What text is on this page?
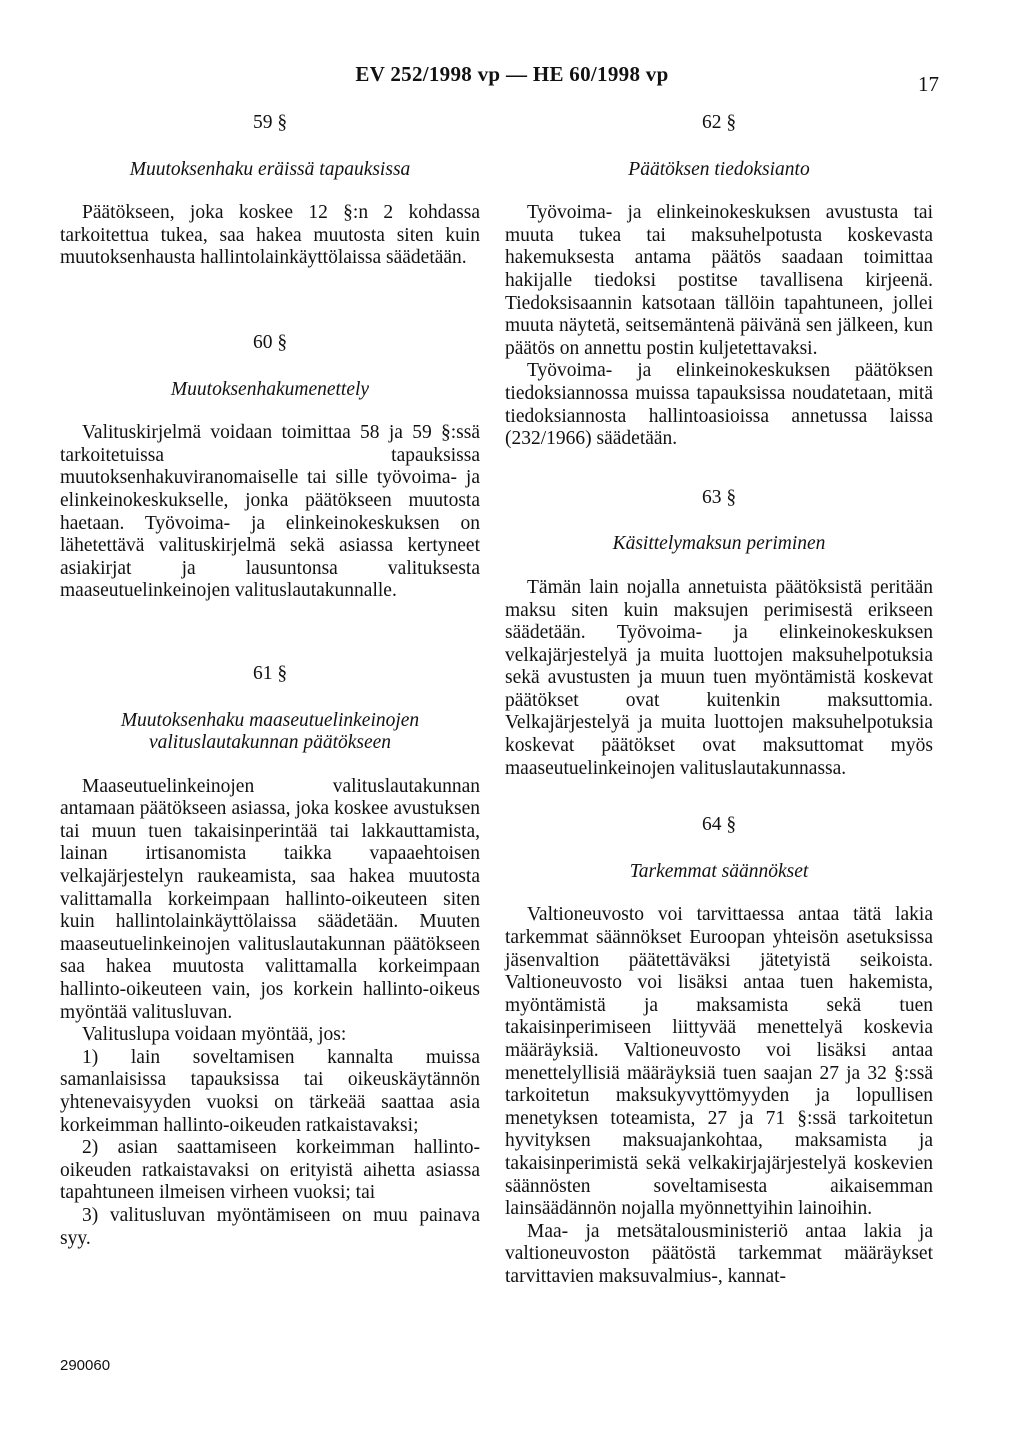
EV 252/1998 vp — HE 60/1998 vp	17

59 §

Muutoksenhaku eräissä tapauksissa

Päätökseen, joka koskee 12 §:n 2 kohdassa tarkoitettua tukea, saa hakea muutosta siten kuin muutoksenhausta hallintolainkäyttölaissa säädetään.

60 §

Muutoksenhakumenettely

Valituskirjelmä voidaan toimittaa 58 ja 59 §:ssä tarkoitetuissa tapauksissa muutoksenhakuviranomaiselle tai sille työvoima- ja elinkeinokeskukselle, jonka päätökseen muutosta haetaan. Työvoima- ja elinkeinokeskuksen on lähetettävä valituskirjelmä sekä asiassa kertyneet asiakirjat ja lausuntonsa valituksesta maaseutuelinkeinojen valituslautakunnalle.

61 §

Muutoksenhaku maaseutuelinkeinojen valituslautakunnan päätökseen

Maaseutuelinkeinojen valituslautakunnan antamaan päätökseen asiassa, joka koskee avustuksen tai muun tuen takaisinperintää tai lakkauttamista, lainan irtisanomista taikka vapaaehtoisen velkajärjestelyn raukeamista, saa hakea muutosta valittamalla korkeimpaan hallinto-oikeuteen siten kuin hallintolainkäyttölaissa säädetään. Muuten maaseutuelinkeinojen valituslautakunnan päätökseen saa hakea muutosta valittamalla korkeimpaan hallinto-oikeuteen vain, jos korkein hallinto-oikeus myöntää valitusluvan.

Valituslupa voidaan myöntää, jos:

1) lain soveltamisen kannalta muissa samanlaisissa tapauksissa tai oikeuskäytännön yhtenevaisyyden vuoksi on tärkeää saattaa asia korkeimman hallinto-oikeuden ratkaistavaksi;

2) asian saattamiseen korkeimman hallinto-oikeuden ratkaistavaksi on erityistä aihetta asiassa tapahtuneen ilmeisen virheen vuoksi; tai

3) valitusluvan myöntämiseen on muu painava syy.

62 §

Päätöksen tiedoksianto

Työvoima- ja elinkeinokeskuksen avustusta tai muuta tukea tai maksuhelpotusta koskevasta hakemuksesta antama päätös saadaan toimittaa hakijalle tiedoksi postitse tavallisena kirjeenä. Tiedoksisaannin katsotaan tällöin tapahtuneen, jollei muuta näytetä, seitsemäntenä päivänä sen jälkeen, kun päätös on annettu postin kuljetettavaksi.

Työvoima- ja elinkeinokeskuksen päätöksen tiedoksiannossa muissa tapauksissa noudatetaan, mitä tiedoksiannosta hallintoasioissa annetussa laissa (232/1966) säädetään.

63 §

Käsittelymaksun periminen

Tämän lain nojalla annetuista päätöksistä peritään maksu siten kuin maksujen perimisestä erikseen säädetään. Työvoima- ja elinkeinokeskuksen velkajärjestelyä ja muita luottojen maksuhelpotuksia sekä avustusten ja muun tuen myöntämistä koskevat päätökset ovat kuitenkin maksuttomia. Velkajärjestelyä ja muita luottojen maksuhelpotuksia koskevat päätökset ovat maksuttomat myös maaseutuelinkeinojen valituslautakunnassa.

64 §

Tarkemmat säännökset

Valtioneuvosto voi tarvittaessa antaa tätä lakia tarkemmat säännökset Euroopan yhteisön asetuksissa jäsenvaltion päätettäväksi jätetyistä seikoista. Valtioneuvosto voi lisäksi antaa tuen hakemista, myöntämistä ja maksamista sekä tuen takaisinperimiseen liittyvää menettelyä koskevia määräyksiä. Valtioneuvosto voi lisäksi antaa menettelyllisiä määräyksiä tuen saajan 27 ja 32 §:ssä tarkoitetun maksukyvyttömyyden ja lopullisen menetyksen toteamista, 27 ja 71 §:ssä tarkoitetun hyvityksen maksuajankohtaa, maksamista ja takaisinperimistä sekä velkakirjajärjestelyä koskevien säännösten soveltamisesta aikaisemman lainsäädännön nojalla myönnettyihin lainoihin.

Maa- ja metsätalousministeriö antaa lakia ja valtioneuvoston päätöstä tarkemmat määräykset tarvittavien maksuvalmius-, kannat-

290060
